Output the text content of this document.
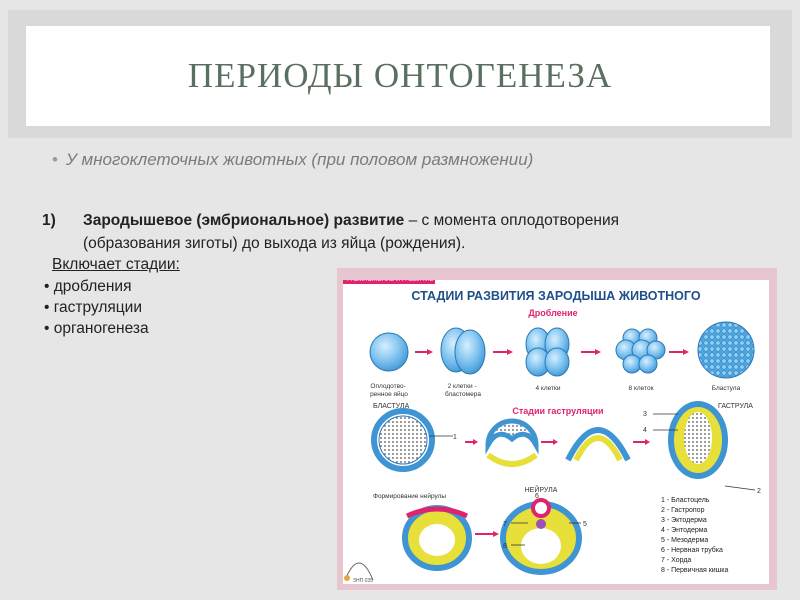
ПЕРИОДЫ ОНТОГЕНЕЗА
• У многоклеточных животных (при половом размножении)
1) Зародышевое (эмбриональное) развитие – с момента оплодотворения
(образования зиготы) до выхода из яйца (рождения).
Включает стадии:
• дробления
• гаструляции
• органогенеза
РАЗМНОЖЕНИЕ И РАЗВИТИЕ
СТАДИИ РАЗВИТИЯ ЗАРОДЫША ЖИВОТНОГО
Дробление
Оплодотво- ренное яйцо
2 клетки - бластомера
4 клетки	8 клеток	Бластула
БЛАСТУЛА	Стадии гаструляции	ГАСТРУЛА
1
3
4
2
НЕЙРУЛА
Формирование нейрулы	6
7	5
8
1 - Бластоцель
2 - Гастропор
3 - Эктодерма
4 - Энтодерма
5 - Мезодерма
6 - Нервная трубка
7 - Хорда
8 - Первичная кишка
ЗНП 035
